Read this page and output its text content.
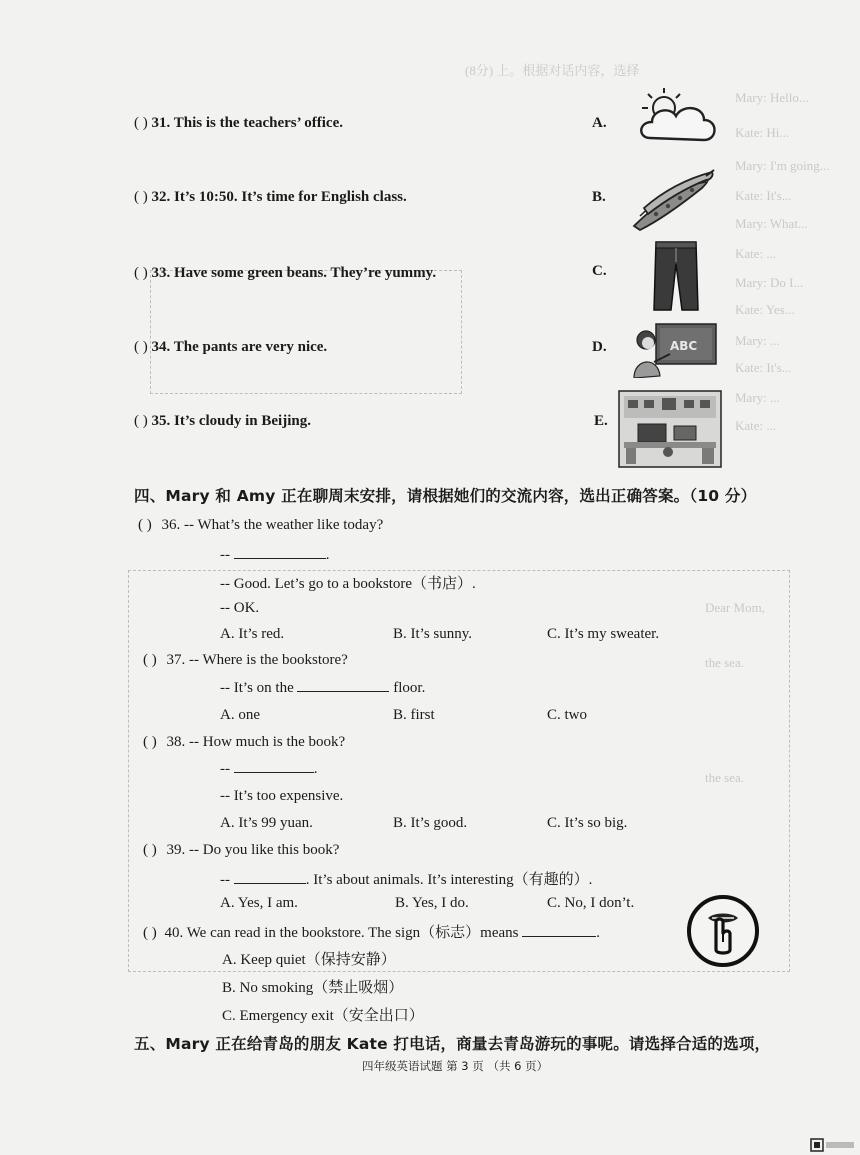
(8分) 上。根据对话内容，选择
Mary: Hello...
Kate: Hi...
Mary: I'm going...
Kate: It's...
Mary: What...
Kate: ...
Mary: Do I...
Kate: Yes...
Mary: ...
Kate: It's...
Mary: ...
Kate: ...
Dear Mom,
the sea.
the sea.
( ) 31. This is the teachers’ office.
( ) 32. It’s 10:50. It’s time for English class.
( ) 33. Have some green beans. They’re yummy.
( ) 34. The pants are very nice.
( ) 35. It’s cloudy in Beijing.
A.
B.
C.
D.
E.
ABC
四、Mary 和 Amy 正在聊周末安排，请根据她们的交流内容，选出正确答案。（10 分）
( ) 36. -- What’s the weather like today?
--	.
-- Good. Let’s go to a bookstore（书店）.
-- OK.
A. It’s red.	B. It’s sunny.	C. It’s my sweater.
( ) 37. -- Where is the bookstore?
-- It’s on the	floor.
A. one	B. first	C. two
( ) 38. -- How much is the book?
--	.
-- It’s too expensive.
A. It’s 99 yuan.	B. It’s good.	C. It’s so big.
( ) 39. -- Do you like this book?
--	. It’s about animals. It’s interesting（有趣的）.
A. Yes, I am.	B. Yes, I do.	C. No, I don’t.
( ) 40. We can read in the bookstore. The sign（标志）means	.
A. Keep quiet（保持安静）
B. No smoking（禁止吸烟）
C. Emergency exit（安全出口）
五、Mary 正在给青岛的朋友 Kate 打电话，商量去青岛游玩的事呢。请选择合适的选项，
四年级英语试题 第 3 页 （共 6 页）
